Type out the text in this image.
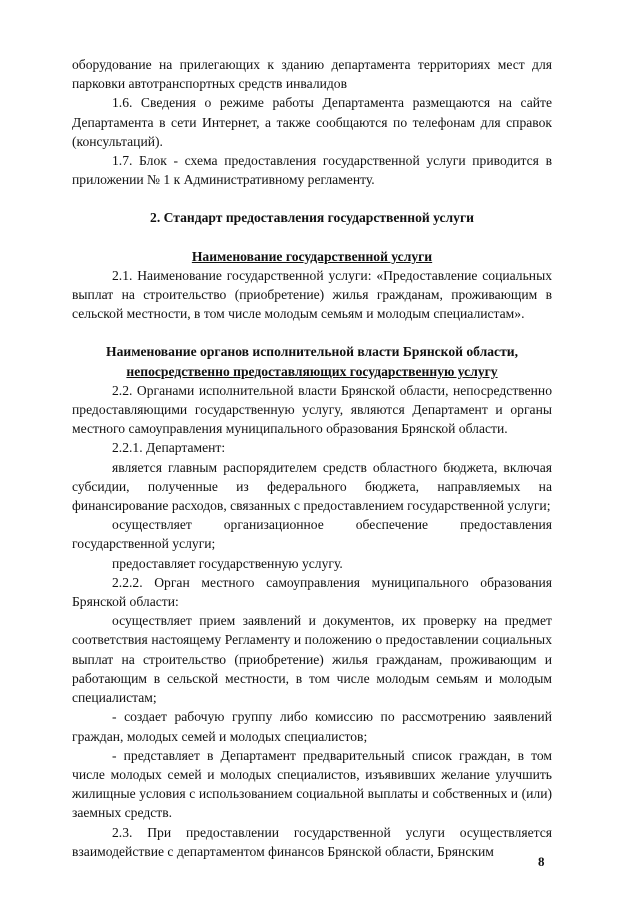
оборудование на прилегающих к зданию департамента территориях мест для парковки автотранспортных средств инвалидов

1.6. Сведения о режиме работы Департамента размещаются на сайте Департамента в сети Интернет, а также сообщаются по телефонам для справок (консультаций).

1.7. Блок - схема предоставления государственной услуги приводится в приложении № 1 к Административному регламенту.

2. Стандарт предоставления государственной услуги

Наименование государственной услуги

2.1. Наименование государственной услуги: «Предоставление социальных выплат на строительство (приобретение) жилья гражданам, проживающим в сельской местности, в том числе молодым семьям и молодым специалистам».

Наименование органов исполнительной власти Брянской области,

непосредственно предоставляющих государственную услугу

2.2. Органами исполнительной власти Брянской области, непосредственно предоставляющими государственную услугу, являются Департамент и органы местного самоуправления муниципального образования Брянской области.

2.2.1. Департамент:

является главным распорядителем средств областного бюджета, включая субсидии, полученные из федерального бюджета, направляемых на финансирование расходов, связанных с предоставлением государственной услуги;

осуществляет организационное обеспечение предоставления государственной услуги;

предоставляет государственную услугу.

2.2.2. Орган местного самоуправления муниципального образования Брянской области:

осуществляет прием заявлений и документов, их проверку на предмет соответствия настоящему Регламенту и положению о предоставлении социальных выплат на строительство (приобретение) жилья гражданам, проживающим и работающим в сельской местности, в том числе молодым семьям и молодым специалистам;

- создает рабочую группу либо комиссию по рассмотрению заявлений граждан, молодых семей и молодых специалистов;

- представляет в Департамент предварительный список граждан, в том числе молодых семей и молодых специалистов, изъявивших желание улучшить жилищные условия с использованием социальной выплаты и собственных и (или) заемных средств.

2.3. При предоставлении государственной услуги осуществляется взаимодействие с департаментом финансов Брянской области, Брянским

8
